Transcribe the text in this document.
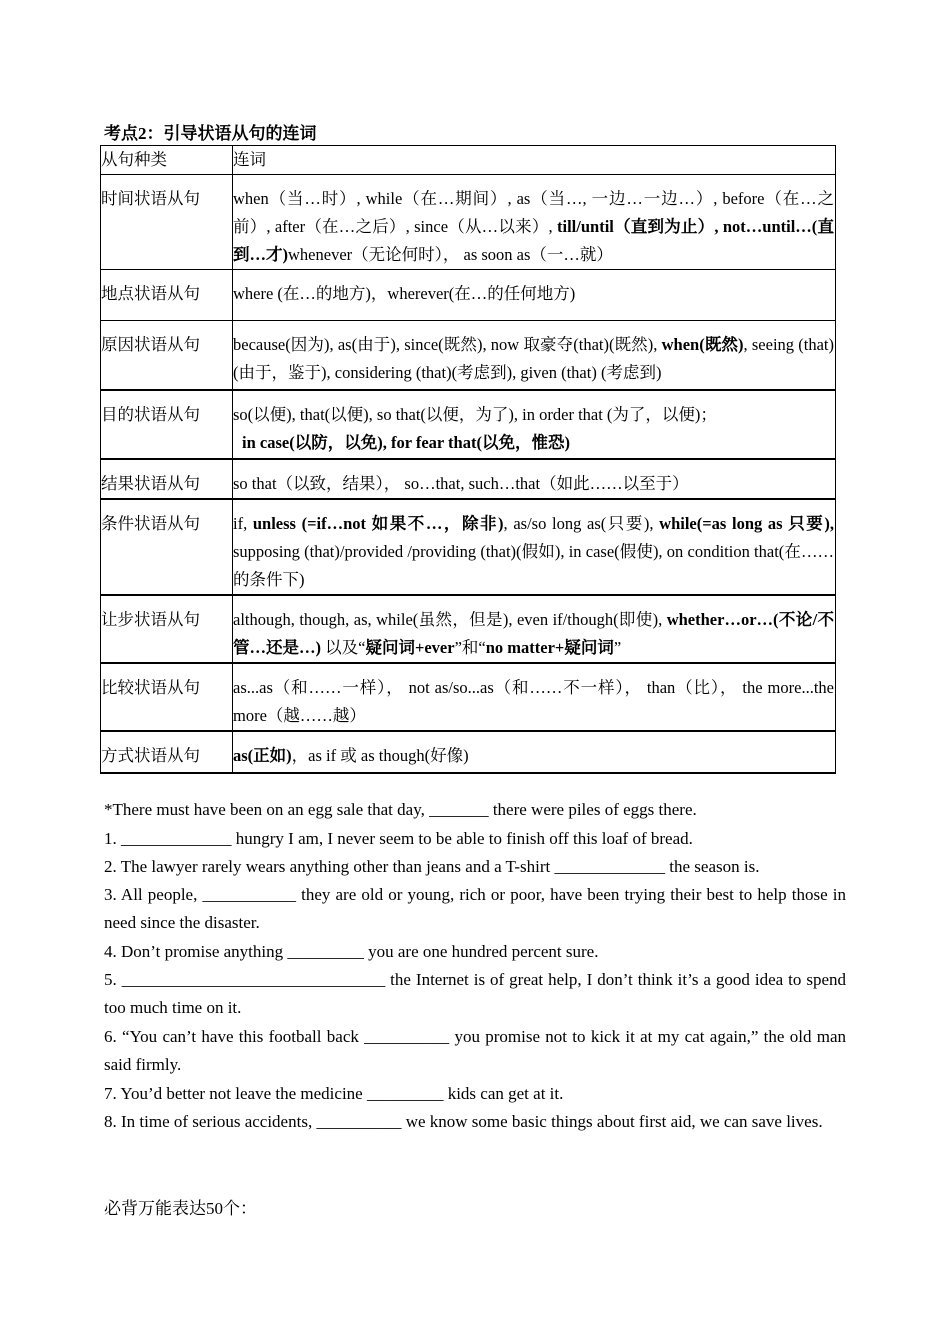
考点2：引导状语从句的连词
从句种类	连词
时间状语从句	when（当…时）, while（在…期间）, as（当…, 一边…一边…）, before（在…之前）, after（在…之后）, since（从…以来）, till/until（直到为止）, not…until…(直到…才)whenever（无论何时）， as soon as（一…就）
地点状语从句	where (在…的地方)，wherever(在…的任何地方)
原因状语从句	because(因为), as(由于), since(既然), now 取豪夺(that)(既然), when(既然), seeing (that) (由于，鉴于), considering (that)(考虑到), given (that) (考虑到)
目的状语从句	so(以便), that(以便), so that(以便，为了), in order that (为了，以便)；
in case(以防，以免), for fear that(以免，惟恐)
结果状语从句	so that（以致，结果）， so…that, such…that（如此……以至于）
条件状语从句	if, unless (=if…not 如果不…，除非), as/so long as(只要), while(=as long as 只要), supposing (that)/provided /providing (that)(假如), in case(假使), on condition that(在……的条件下)
让步状语从句	although, though, as, while(虽然，但是), even if/though(即使), whether…or…(不论/不管…还是…) 以及“疑问词+ever”和“no matter+疑问词”
比较状语从句	as...as（和……一样）， not as/so...as（和……不一样）， than（比）， the more...the more（越……越）
方式状语从句	as(正如)，as if 或 as though(好像)
*There must have been on an egg sale that day, _______ there were piles of eggs there.
1. _____________ hungry I am, I never seem to be able to finish off this loaf of bread.
2. The lawyer rarely wears anything other than jeans and a T-shirt _____________ the season is.
3. All people, ___________ they are old or young, rich or poor, have been trying their best to help those in need since the disaster.
4. Don’t promise anything _________ you are one hundred percent sure.
5. _______________________________ the Internet is of great help, I don’t think it’s a good idea to spend too much time on it.
6. “You can’t have this football back __________ you promise not to kick it at my cat again,” the old man said firmly.
7. You’d better not leave the medicine _________ kids can get at it.
8. In time of serious accidents, __________ we know some basic things about first aid, we can save lives.
必背万能表达50个：
